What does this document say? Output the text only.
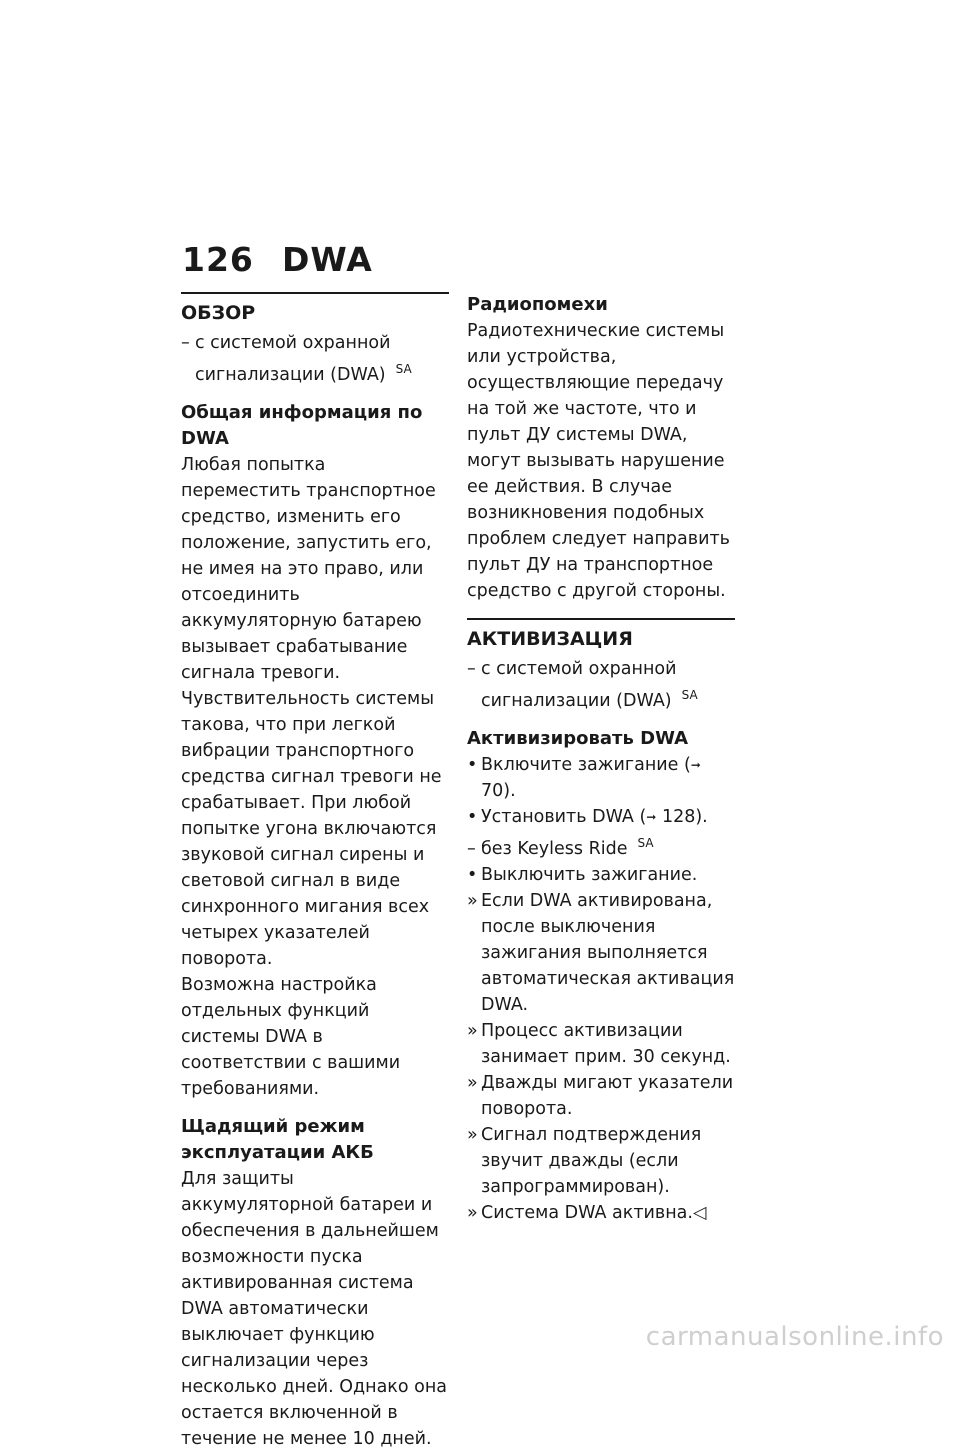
126 DWA
ОБЗОР

– с системой охранной сигнализации (DWA) $^{SA}$

Общая информация по DWA

Любая попытка переместить транспортное средство, изменить его положение, запустить его, не имея на это право, или отсоединить аккумуляторную батарею вызывает срабатывание сигнала тревоги.

Чувствительность системы такова, что при легкой вибрации транспортного средства сигнал тревоги не срабатывает. При любой попытке угона включаются звуковой сигнал сирены и световой сигнал в виде синхронного мигания всех четырех указателей поворота.

Возможна настройка отдельных функций системы DWA в соответствии с вашими требованиями.

Щадящий режим эксплуатации АКБ

Для защиты аккумуляторной батареи и обеспечения в дальнейшем возможности пуска активированная система DWA автоматически выключает функцию сигнализации через несколько дней. Однако она остается включенной в течение не менее 10 дней.

Радиопомехи

Радиотехнические системы или устройства, осуществляющие передачу на той же частоте, что и пульт ДУ системы DWA, могут вызывать нарушение ее действия. В случае возникновения подобных проблем следует направить пульт ДУ на транспортное средство с другой стороны.

АКТИВИЗАЦИЯ

– с системой охранной сигнализации (DWA) $^{SA}$

Активизировать DWA
• Включите зажигание (➞ 70).
• Установить DWA (➞ 128).
– без Keyless Ride $^{SA}$
• Выключить зажигание.
» Если DWA активирована, после выключения зажигания выполняется автоматическая активация DWA.
» Процесс активизации занимает прим. 30 секунд.
» Дважды мигают указатели поворота.
» Сигнал подтверждения звучит дважды (если запрограммирован).
» Система DWA активна.◁
carmanualsonline.info
